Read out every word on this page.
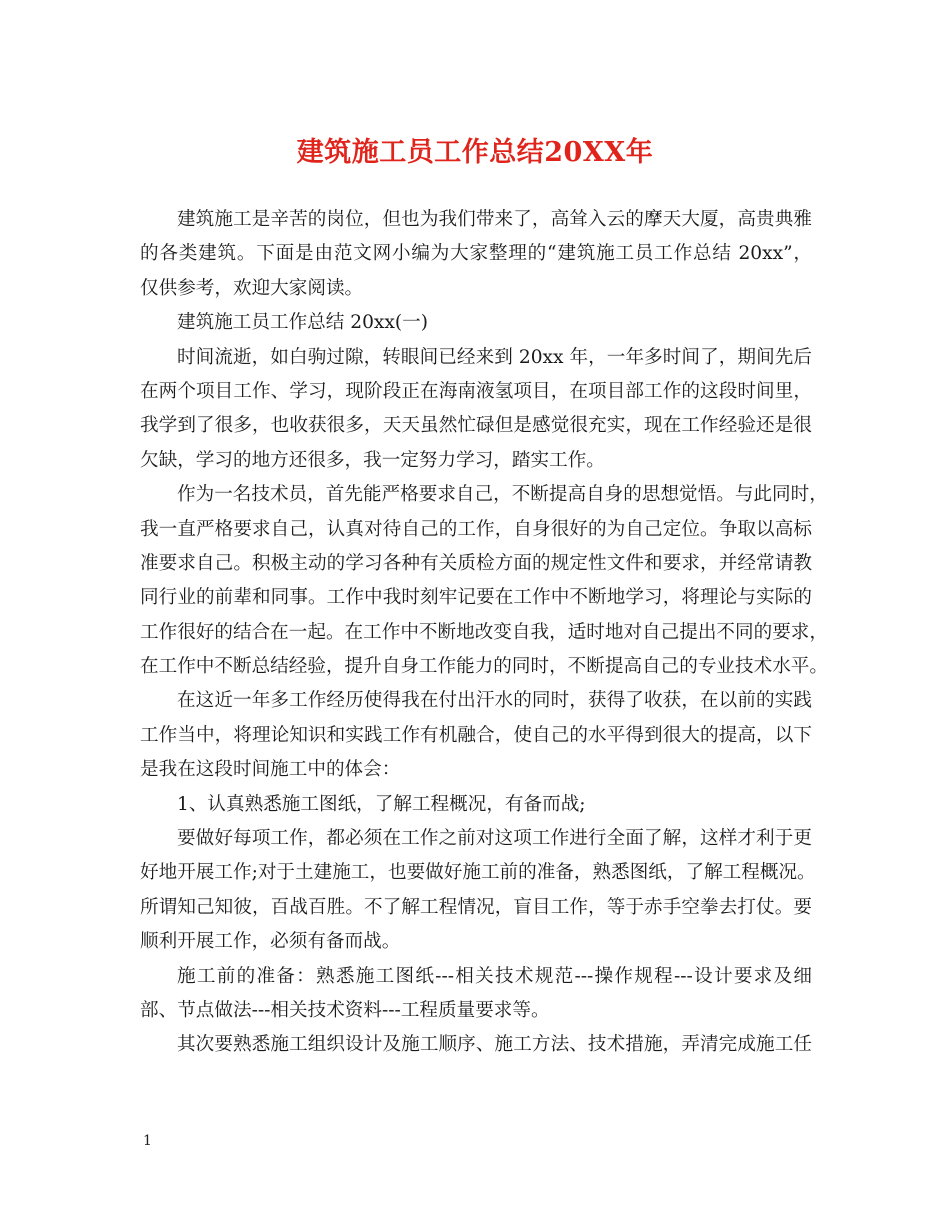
建筑施工员工作总结20XX年
建筑施工是辛苦的岗位，但也为我们带来了，高耸入云的摩天大厦，高贵典雅
的各类建筑。下面是由范文网小编为大家整理的“建筑施工员工作总结 20xx”，
仅供参考，欢迎大家阅读。
建筑施工员工作总结 20xx(一)
时间流逝，如白驹过隙，转眼间已经来到 20xx 年，一年多时间了，期间先后
在两个项目工作、学习，现阶段正在海南液氢项目，在项目部工作的这段时间里，
我学到了很多，也收获很多，天天虽然忙碌但是感觉很充实，现在工作经验还是很
欠缺，学习的地方还很多，我一定努力学习，踏实工作。
作为一名技术员，首先能严格要求自己，不断提高自身的思想觉悟。与此同时，
我一直严格要求自己，认真对待自己的工作，自身很好的为自己定位。争取以高标
准要求自己。积极主动的学习各种有关质检方面的规定性文件和要求，并经常请教
同行业的前辈和同事。工作中我时刻牢记要在工作中不断地学习，将理论与实际的
工作很好的结合在一起。在工作中不断地改变自我，适时地对自己提出不同的要求，
在工作中不断总结经验，提升自身工作能力的同时，不断提高自己的专业技术水平。
在这近一年多工作经历使得我在付出汗水的同时，获得了收获，在以前的实践
工作当中，将理论知识和实践工作有机融合，使自己的水平得到很大的提高，以下
是我在这段时间施工中的体会：
1、认真熟悉施工图纸，了解工程概况，有备而战;
要做好每项工作，都必须在工作之前对这项工作进行全面了解，这样才利于更
好地开展工作;对于土建施工，也要做好施工前的准备，熟悉图纸，了解工程概况。
所谓知己知彼，百战百胜。不了解工程情况，盲目工作，等于赤手空拳去打仗。要
顺利开展工作，必须有备而战。
施工前的准备：熟悉施工图纸---相关技术规范---操作规程---设计要求及细
部、节点做法---相关技术资料---工程质量要求等。
其次要熟悉施工组织设计及施工顺序、施工方法、技术措施，弄清完成施工任
1
